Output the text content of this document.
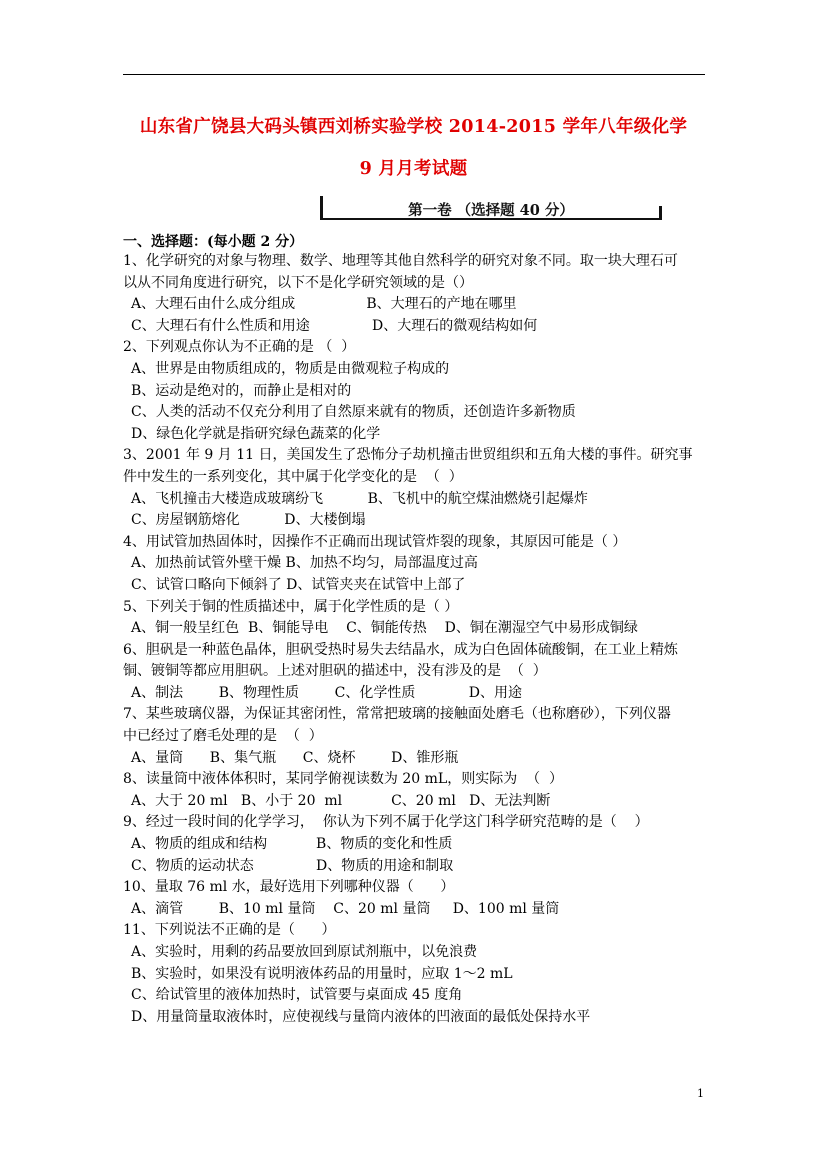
山东省广饶县大码头镇西刘桥实验学校 2014-2015 学年八年级化学
9 月月考试题
第一卷 （选择题 40 分）
一、选择题：(每小题 2 分）
1、化学研究的对象与物理、数学、地理等其他自然科学的研究对象不同。取一块大理石可
以从不同角度进行研究，以下不是化学研究领域的是（）
A、大理石由什么成分组成                B、大理石的产地在哪里
C、大理石有什么性质和用途              D、大理石的微观结构如何
2、下列观点你认为不正确的是 （  ）
A、世界是由物质组成的，物质是由微观粒子构成的
B、运动是绝对的，而静止是相对的
C、人类的活动不仅充分利用了自然原来就有的物质，还创造许多新物质
D、绿色化学就是指研究绿色蔬菜的化学
3、2001 年 9 月 11 日，美国发生了恐怖分子劫机撞击世贸组织和五角大楼的事件。研究事
件中发生的一系列变化，其中属于化学变化的是  （  ）
A、飞机撞击大楼造成玻璃纷飞          B、飞机中的航空煤油燃烧引起爆炸
C、房屋钢筋熔化          D、大楼倒塌
4、用试管加热固体时，因操作不正确而出现试管炸裂的现象，其原因可能是（ ）
A、加热前试管外壁干燥 B、加热不均匀，局部温度过高
C、试管口略向下倾斜了 D、试管夹夹在试管中上部了
5、下列关于铜的性质描述中，属于化学性质的是（ ）
A、铜一般呈红色  B、铜能导电    C、铜能传热    D、铜在潮湿空气中易形成铜绿
6、胆矾是一种蓝色晶体，胆矾受热时易失去结晶水，成为白色固体硫酸铜，在工业上精炼
铜、镀铜等都应用胆矾。上述对胆矾的描述中，没有涉及的是  （  ）
A、制法        B、物理性质        C、化学性质            D、用途
7、某些玻璃仪器，为保证其密闭性，常常把玻璃的接触面处磨毛（也称磨砂），下列仪器
中已经过了磨毛处理的是  （  ）
A、量筒      B、集气瓶      C、烧杯        D、锥形瓶
8、读量筒中液体体积时，某同学俯视读数为 20 mL，则实际为  （  ）
A、大于 20 ml   B、小于 20  ml           C、20 ml   D、无法判断
9、经过一段时间的化学学习，  你认为下列不属于化学这门科学研究范畴的是（    ）
A、物质的组成和结构           B、物质的变化和性质
C、物质的运动状态              D、物质的用途和制取
10、量取 76 ml 水，最好选用下列哪种仪器（      ）
A、滴管        B、10 ml 量筒    C、20 ml 量筒     D、100 ml 量筒
11、下列说法不正确的是（      ）
A、实验时，用剩的药品要放回到原试剂瓶中，以免浪费
B、实验时，如果没有说明液体药品的用量时，应取 1～2 mL
C、给试管里的液体加热时，试管要与桌面成 45 度角
D、用量筒量取液体时，应使视线与量筒内液体的凹液面的最低处保持水平
1
